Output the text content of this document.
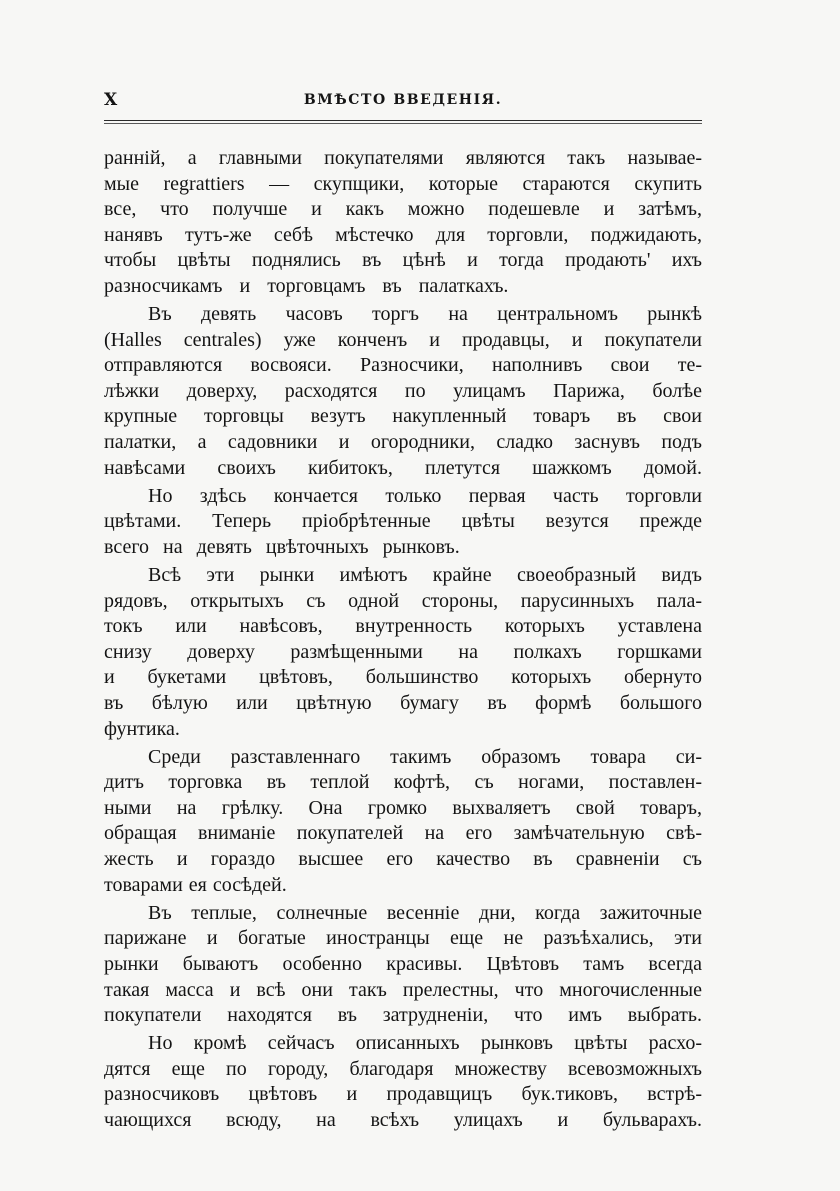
X	ВМѢСТО ВВЕДЕНІЯ.

ранній, а главными покупателями являются такъ называе-
мые regrattiers — скупщики, которые стараются скупить
все, что получше и какъ можно подешевле и затѣмъ,
нанявъ тутъ-же себѣ мѣстечко для торговли, поджидають,
чтобы цвѣты поднялись въ цѣнѣ и тогда продають' ихъ
разносчикамъ и торговцамъ въ палаткахъ.

Въ девять часовъ торгъ на центральномъ рынкѣ
(Halles centrales) уже конченъ и продавцы, и покупатели
отправляются восвояси. Разносчики, наполнивъ свои те-
лѣжки доверху, расходятся по улицамъ Парижа, болѣе
крупные торговцы везутъ накупленный товаръ въ свои
палатки, а садовники и огородники, сладко заснувъ подъ
навѣсами своихъ кибитокъ, плетутся шажкомъ домой.

Но здѣсь кончается только первая часть торговли
цвѣтами. Теперь пріобрѣтенные цвѣты везутся прежде
всего на девять цвѣточныхъ рынковъ.

Всѣ эти рынки имѣютъ крайне своеобразный видъ
рядовъ, открытыхъ съ одной стороны, парусинныхъ пала-
токъ или навѣсовъ, внутренность которыхъ уставлена
снизу доверху размѣщенными на полкахъ горшками
и букетами цвѣтовъ, большинство которыхъ обернуто
въ бѣлую или цвѣтную бумагу въ формѣ большого
фунтика.

Среди разставленнаго такимъ образомъ товара си-
дитъ торговка въ теплой кофтѣ, съ ногами, поставлен-
ными на грѣлку. Она громко выхваляетъ свой товаръ,
обращая вниманіе покупателей на его замѣчательную свѣ-
жесть и гораздо высшее его качество въ сравненіи съ
товарами ея сосѣдей.

Въ теплые, солнечные весенніе дни, когда зажиточные
парижане и богатые иностранцы еще не разъѣхались, эти
рынки бываютъ особенно красивы. Цвѣтовъ тамъ всегда
такая масса и всѣ они такъ прелестны, что многочисленные
покупатели находятся въ затрудненіи, что имъ выбрать.

Но кромѣ сейчасъ описанныхъ рынковъ цвѣты расхо-
дятся еще по городу, благодаря множеству всевозможныхъ
разносчиковъ цвѣтовъ и продавщицъ бук.тиковъ, встрѣ-
чающихся всюду, на всѣхъ улицахъ и бульварахъ.
